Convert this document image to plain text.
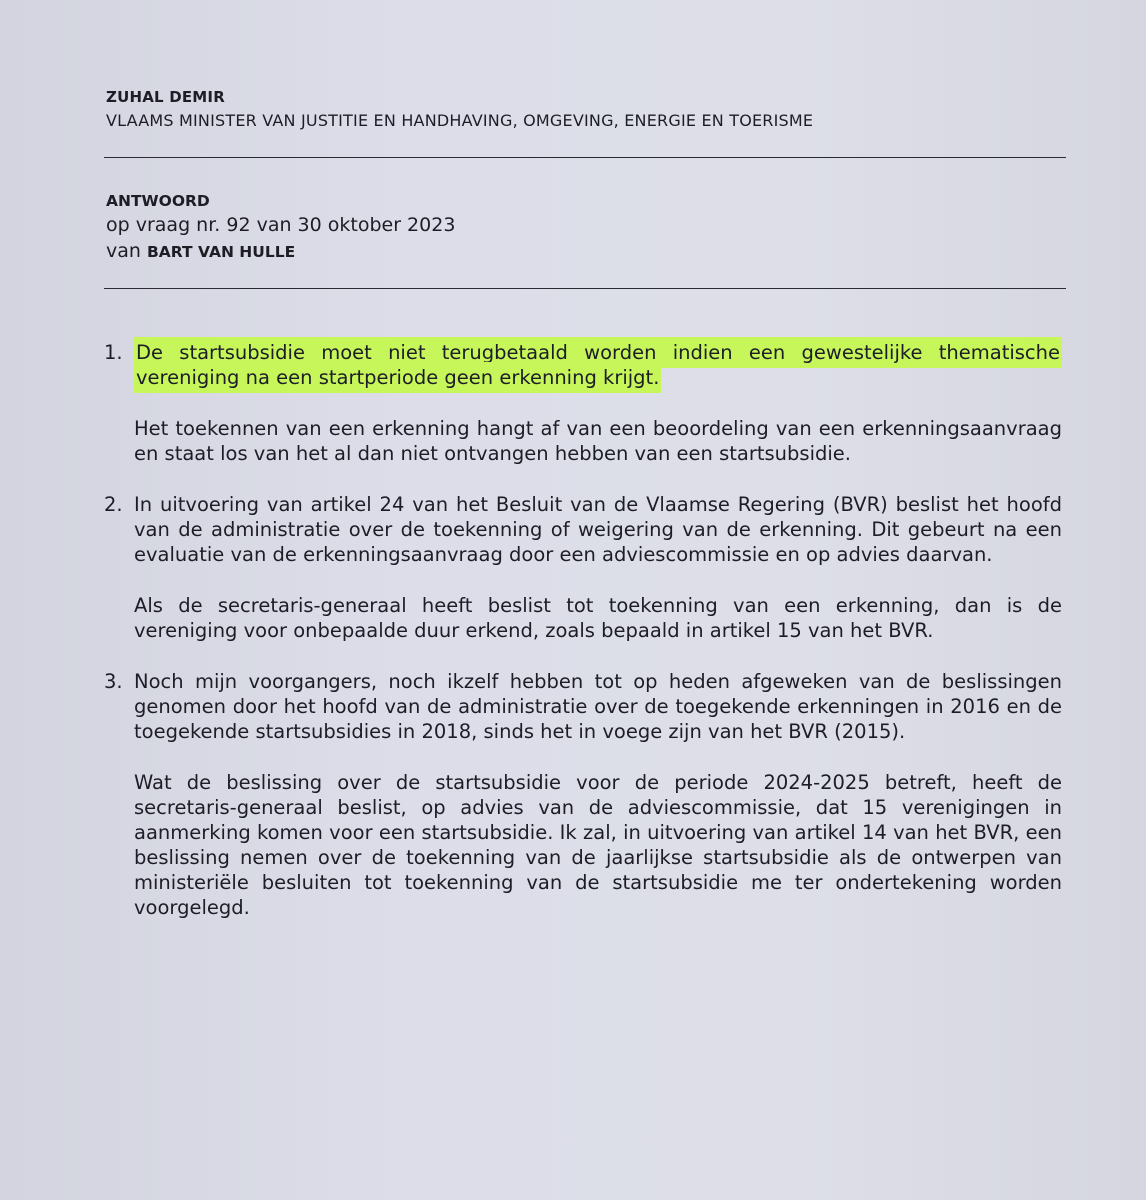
ZUHAL DEMIR
VLAAMS MINISTER VAN JUSTITIE EN HANDHAVING, OMGEVING, ENERGIE EN TOERISME
ANTWOORD
op vraag nr. 92 van 30 oktober 2023
van BART VAN HULLE
1. De startsubsidie moet niet terugbetaald worden indien een gewestelijke thematische vereniging na een startperiode geen erkenning krijgt.

Het toekennen van een erkenning hangt af van een beoordeling van een erkenningsaanvraag en staat los van het al dan niet ontvangen hebben van een startsubsidie.

2. In uitvoering van artikel 24 van het Besluit van de Vlaamse Regering (BVR) beslist het hoofd van de administratie over de toekenning of weigering van de erkenning. Dit gebeurt na een evaluatie van de erkenningsaanvraag door een adviescommissie en op advies daarvan.

Als de secretaris-generaal heeft beslist tot toekenning van een erkenning, dan is de vereniging voor onbepaalde duur erkend, zoals bepaald in artikel 15 van het BVR.

3. Noch mijn voorgangers, noch ikzelf hebben tot op heden afgeweken van de beslissingen genomen door het hoofd van de administratie over de toegekende erkenningen in 2016 en de toegekende startsubsidies in 2018, sinds het in voege zijn van het BVR (2015).

Wat de beslissing over de startsubsidie voor de periode 2024-2025 betreft, heeft de secretaris-generaal beslist, op advies van de adviescommissie, dat 15 verenigingen in aanmerking komen voor een startsubsidie. Ik zal, in uitvoering van artikel 14 van het BVR, een beslissing nemen over de toekenning van de jaarlijkse startsubsidie als de ontwerpen van ministeriële besluiten tot toekenning van de startsubsidie me ter ondertekening worden voorgelegd.
